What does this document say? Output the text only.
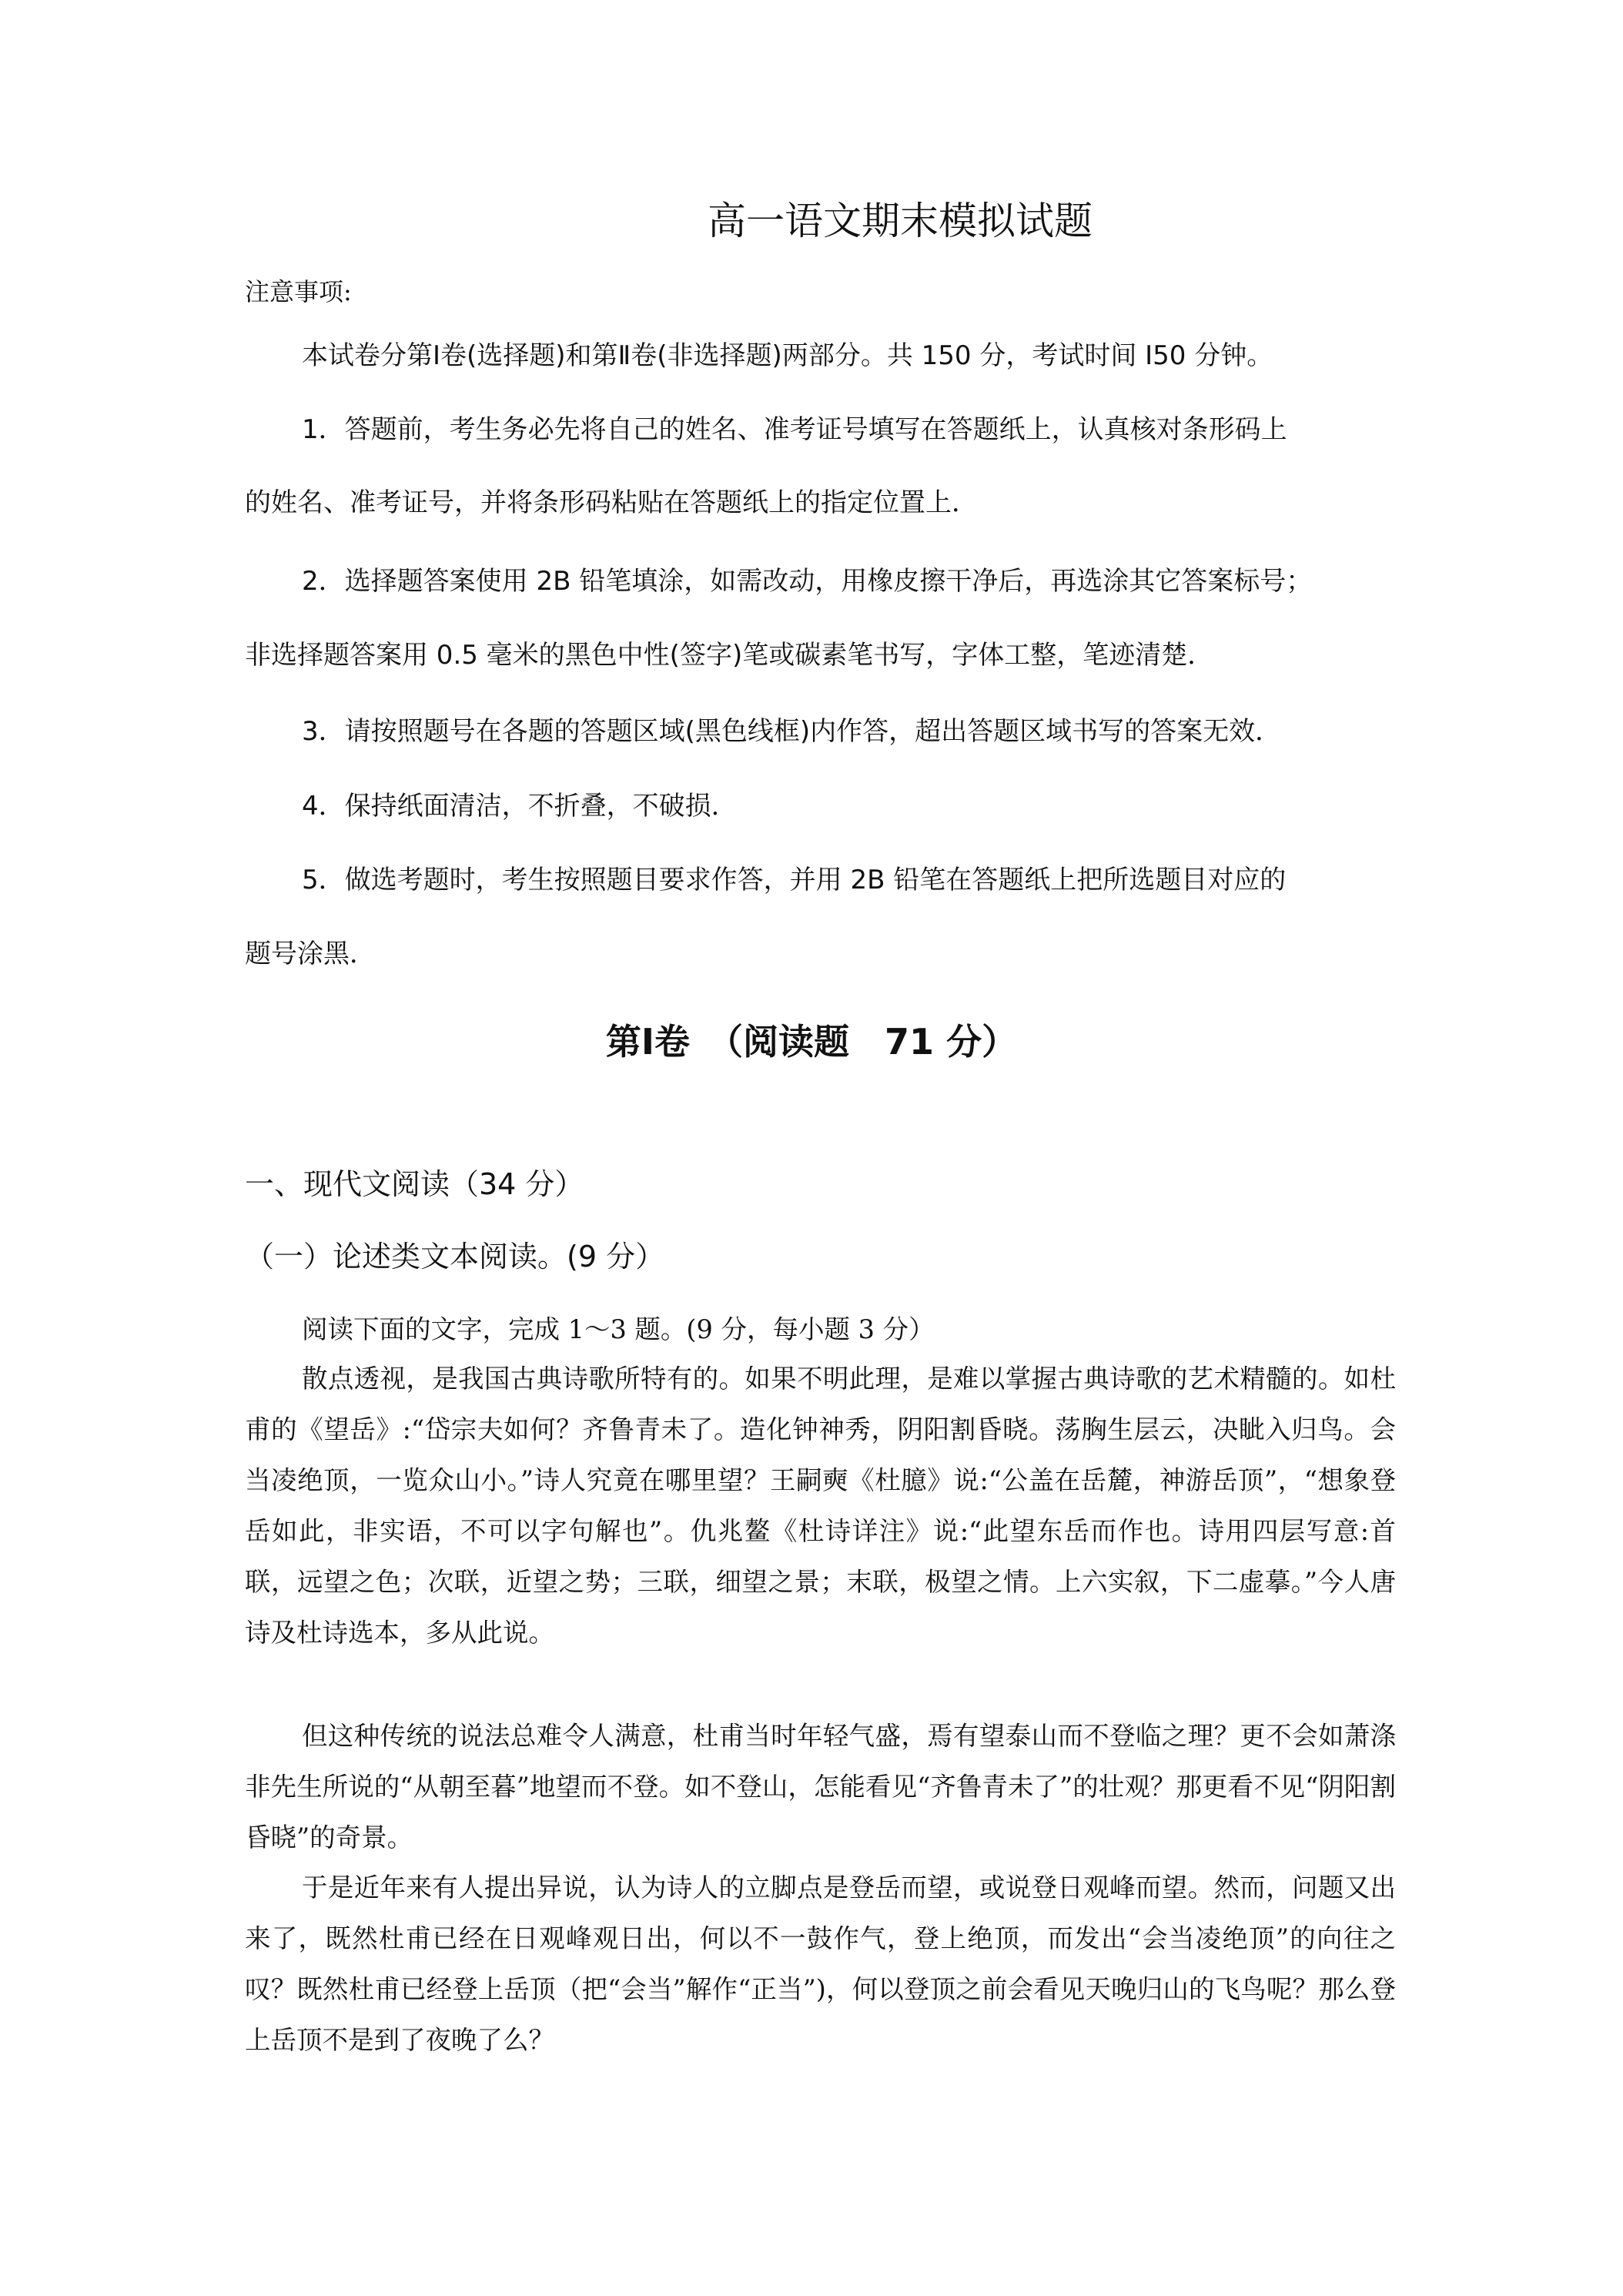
高一语文期末模拟试题
注意事项:
本试卷分第Ⅰ卷(选择题)和第Ⅱ卷(非选择题)两部分。共 150 分，考试时间 I50 分钟。
1．答题前，考生务必先将自己的姓名、准考证号填写在答题纸上，认真核对条形码上
的姓名、准考证号，并将条形码粘贴在答题纸上的指定位置上．
2．选择题答案使用 2B 铅笔填涂，如需改动，用橡皮擦干净后，再选涂其它答案标号；
非选择题答案用 0.5 毫米的黑色中性(签字)笔或碳素笔书写，字体工整，笔迹清楚．
3．请按照题号在各题的答题区域(黑色线框)内作答，超出答题区域书写的答案无效．
4．保持纸面清洁，不折叠，不破损．
5．做选考题时，考生按照题目要求作答，并用 2B 铅笔在答题纸上把所选题目对应的
题号涂黑．
第Ⅰ卷　（阅读题　71 分）
一、现代文阅读（34 分）
（一）论述类文本阅读。(9 分）
阅读下面的文字，完成 1～3 题。(9 分，每小题 3 分）

散点透视，是我国古典诗歌所特有的。如果不明此理，是难以掌握古典诗歌的艺术精髓的。如杜甫的《望岳》:“岱宗夫如何？齐鲁青未了。造化钟神秀，阴阳割昏晓。荡胸生层云，决眦入归鸟。会当凌绝顶，一览众山小。”诗人究竟在哪里望？王嗣奭《杜臆》说:“公盖在岳麓，神游岳顶”，“想象登岳如此，非实语，不可以字句解也”。仇兆鳌《杜诗详注》说:“此望东岳而作也。诗用四层写意:首联，远望之色；次联，近望之势；三联，细望之景；末联，极望之情。上六实叙，下二虚摹。”今人唐诗及杜诗选本，多从此说。

但这种传统的说法总难令人满意，杜甫当时年轻气盛，焉有望泰山而不登临之理？更不会如萧涤非先生所说的“从朝至暮”地望而不登。如不登山，怎能看见“齐鲁青未了”的壮观？那更看不见“阴阳割昏晓”的奇景。

于是近年来有人提出异说，认为诗人的立脚点是登岳而望，或说登日观峰而望。然而，问题又出来了，既然杜甫已经在日观峰观日出，何以不一鼓作气，登上绝顶，而发出“会当凌绝顶”的向往之叹？既然杜甫已经登上岳顶（把“会当”解作“正当”)，何以登顶之前会看见天晚归山的飞鸟呢？那么登上岳顶不是到了夜晚了么？
